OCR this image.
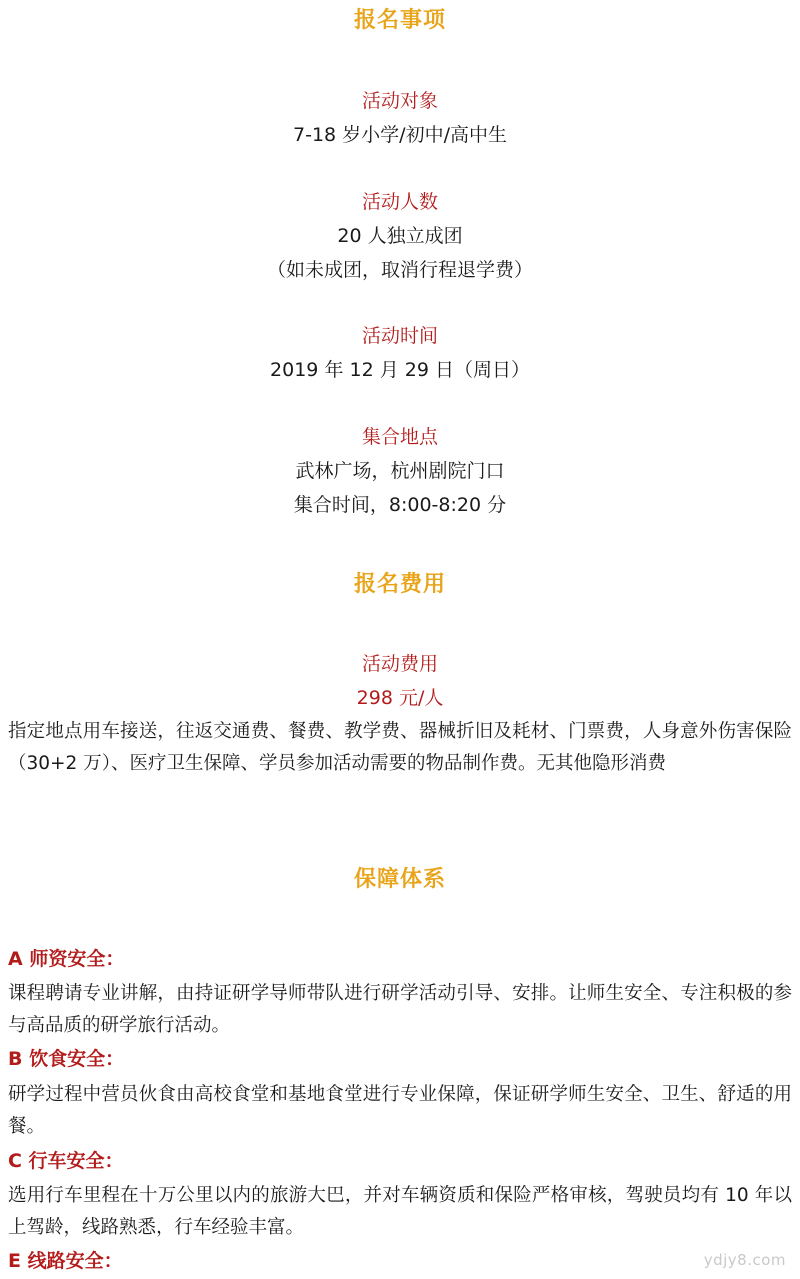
报名事项
活动对象
7-18 岁小学/初中/高中生
活动人数
20 人独立成团
（如未成团，取消行程退学费）
活动时间
2019 年 12 月 29 日（周日）
集合地点
武林广场，杭州剧院门口
集合时间，8:00-8:20 分
报名费用
活动费用
298 元/人
指定地点用车接送，往返交通费、餐费、教学费、器械折旧及耗材、门票费，人身意外伤害保险（30+2 万）、医疗卫生保障、学员参加活动需要的物品制作费。无其他隐形消费
保障体系
A 师资安全：
课程聘请专业讲解，由持证研学导师带队进行研学活动引导、安排。让师生安全、专注积极的参与高品质的研学旅行活动。
B 饮食安全：
研学过程中营员伙食由高校食堂和基地食堂进行专业保障，保证研学师生安全、卫生、舒适的用餐。
C 行车安全：
选用行车里程在十万公里以内的旅游大巴，并对车辆资质和保险严格审核，驾驶员均有 10 年以上驾龄，线路熟悉，行车经验丰富。
E 线路安全：	ydjy8.com
